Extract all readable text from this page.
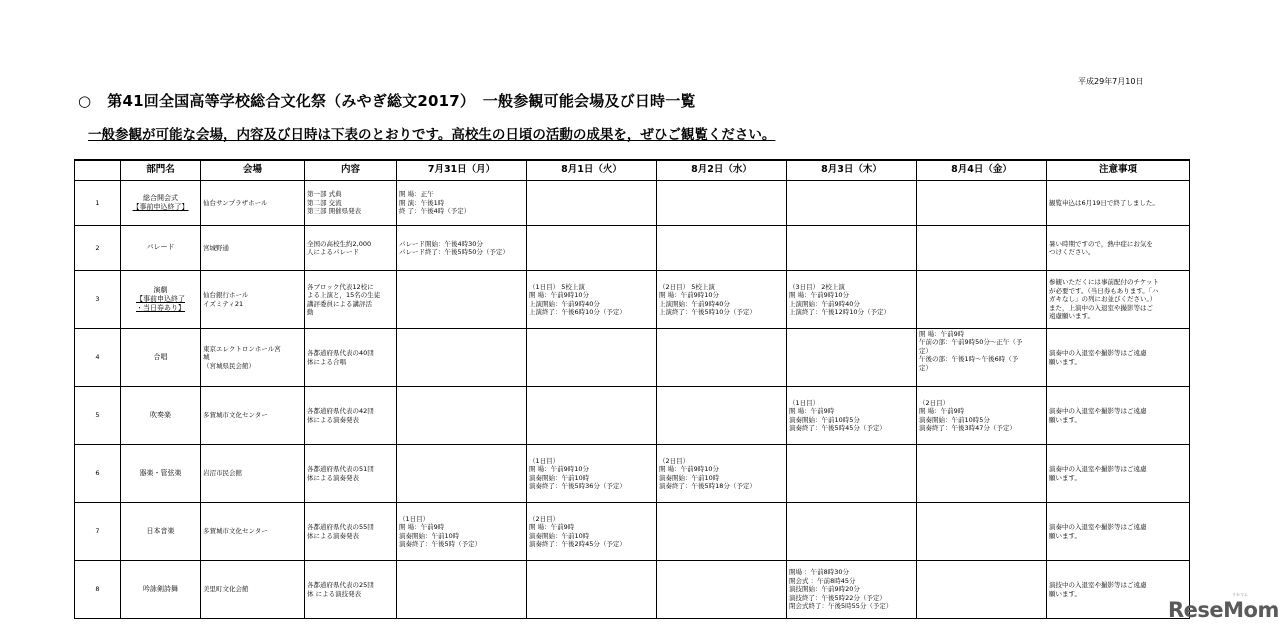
平成29年7月10日
○ 第41回全国高等学校総合文化祭（みやぎ総文2017）　一般参観可能会場及び日時一覧
一般参観が可能な会場，内容及び日時は下表のとおりです。高校生の日頃の活動の成果を，ぜひご観覧ください。
	部門名	会場	内容	7月31日（月）	8月1日（火）	8月2日（水）	8月3日（木）	8月4日（金）	注意事項
1	総合開会式
【事前申込終了】	仙台サンプラザホール	第一部 式典
第二部 交流
第三部 開催県発表	開 場：正午
開 演：午後1時
終 了：午後4時（予定）					観覧申込は6月19日で終了しました。

2	パレード	宮城野通	全国の高校生約2,000
人によるパレード	パレード開始：午後4時30分
パレード終了：午後5時50分（予定）					暑い時期ですので，熱中症にお気を
つけください。

3	演劇
【事前申込終了
・当日券あり】	仙台銀行ホール
イズミティ21	各ブロック代表12校に
よる上演と，15名の生徒
講評委員による講評活
動		（1日目） 5校上演
開 場：午前9時10分
上演開始：午前9時40分
上演終了：午後6時10分（予定）	（2日目） 5校上演
開 場：午前9時10分
上演開始：午前9時40分
上演終了：午後5時10分（予定）	（3日目） 2校上演
開 場：午前9時10分
上演開始：午前9時40分
上演終了：午後12時10分（予定）		参観いただくには事前配付のチケット
が必要です。（当日券もあります。「ハ
ガキなし」の列にお並びください。）
また，上演中の入退室や撮影等はご
遠慮願います。

4	合唱	東京エレクトロンホール宮
城
（宮城県民会館）	各都道府県代表の40団
体による合唱					開 場：午前9時
午前の部：午前9時50分～正午（予
定）
午後の部：午後1時～午後6時（予
定）	演奏中の入退室や撮影等はご遠慮
願います。

5	吹奏楽	多賀城市文化センター	各都道府県代表の42団
体による演奏発表				（1日目）
開 場：午前9時
演奏開始：午前10時5分
演奏終了：午後5時45分（予定）	（2日目）
開 場：午前9時
演奏開始：午前10時5分
演奏終了：午後3時47分（予定）	演奏中の入退室や撮影等はご遠慮
願います。

6	器楽・管弦楽	岩沼市民会館	各都道府県代表の51団
体による演奏発表		（1日目）
開 場：午前9時10分
演奏開始：午前10時
演奏終了：午後5時36分（予定）	（2日目）
開 場：午前9時10分
演奏開始：午前10時
演奏終了：午後5時18分（予定）			演奏中の入退室や撮影等はご遠慮
願います。

7	日本音楽	多賀城市文化センター	各都道府県代表の55団
体による演奏発表	（1日目）
開 場：午前9時
演奏開始：午前10時
演奏終了：午後5時（予定）	（2日目）
開 場：午前9時
演奏開始：午前10時
演奏終了：午後2時45分（予定）				演奏中の入退室や撮影等はご遠慮
願います。

8	吟詠剣詩舞	美里町文化会館	各都道府県代表の25団
体 による演技発表				開場 ：午前8時30分
開会式 ：午前8時45分
演技開始：午前9時20分
演技終了：午後5時22分（予定）
閉会式終了：午後5時55分（予定）		演技中の入退室や撮影等はご遠慮
願います。
ReseMom
リセマム
